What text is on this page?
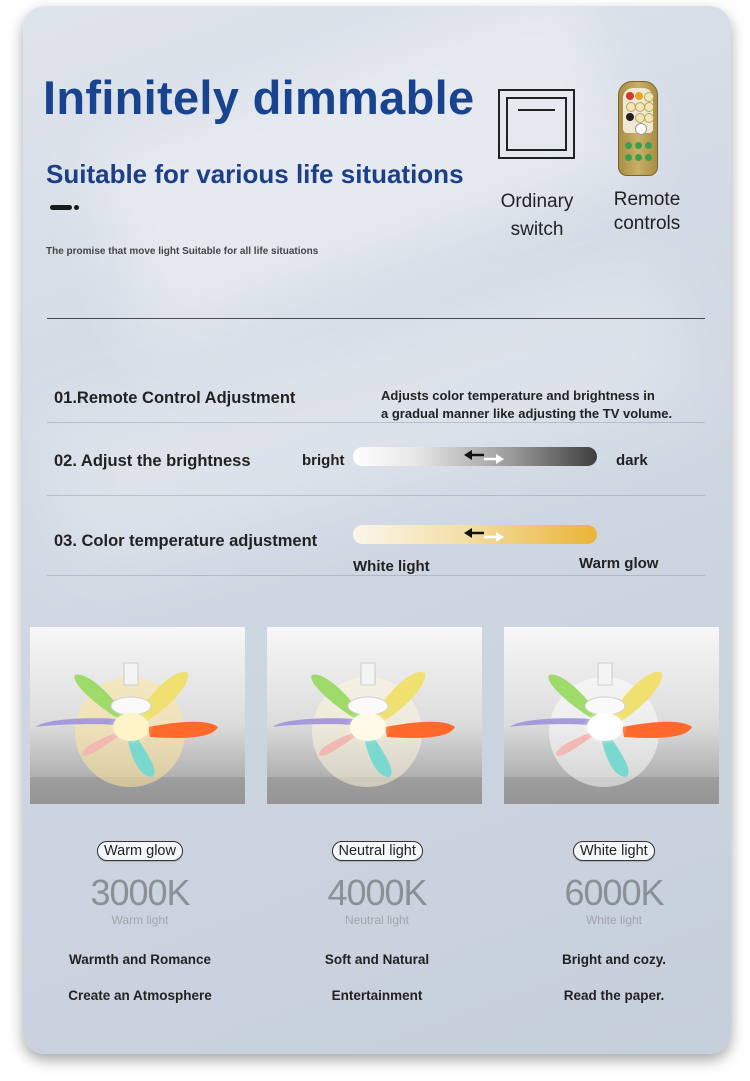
Infinitely dimmable
Suitable for various life situations
The promise that move light Suitable for all life situations
Ordinary
switch
Remote
controls
01.Remote Control Adjustment	Adjusts color temperature and brightness in
a gradual manner like adjusting the TV volume.
02. Adjust the brightness	bright	dark
03. Color temperature adjustment
White light	Warm glow
Warm glow
3000K
Warm light
Warmth and Romance
Create an Atmosphere
Neutral light
4000K
Neutral light
Soft and Natural
Entertainment
White light
6000K
White light
Bright and cozy.
Read the paper.
